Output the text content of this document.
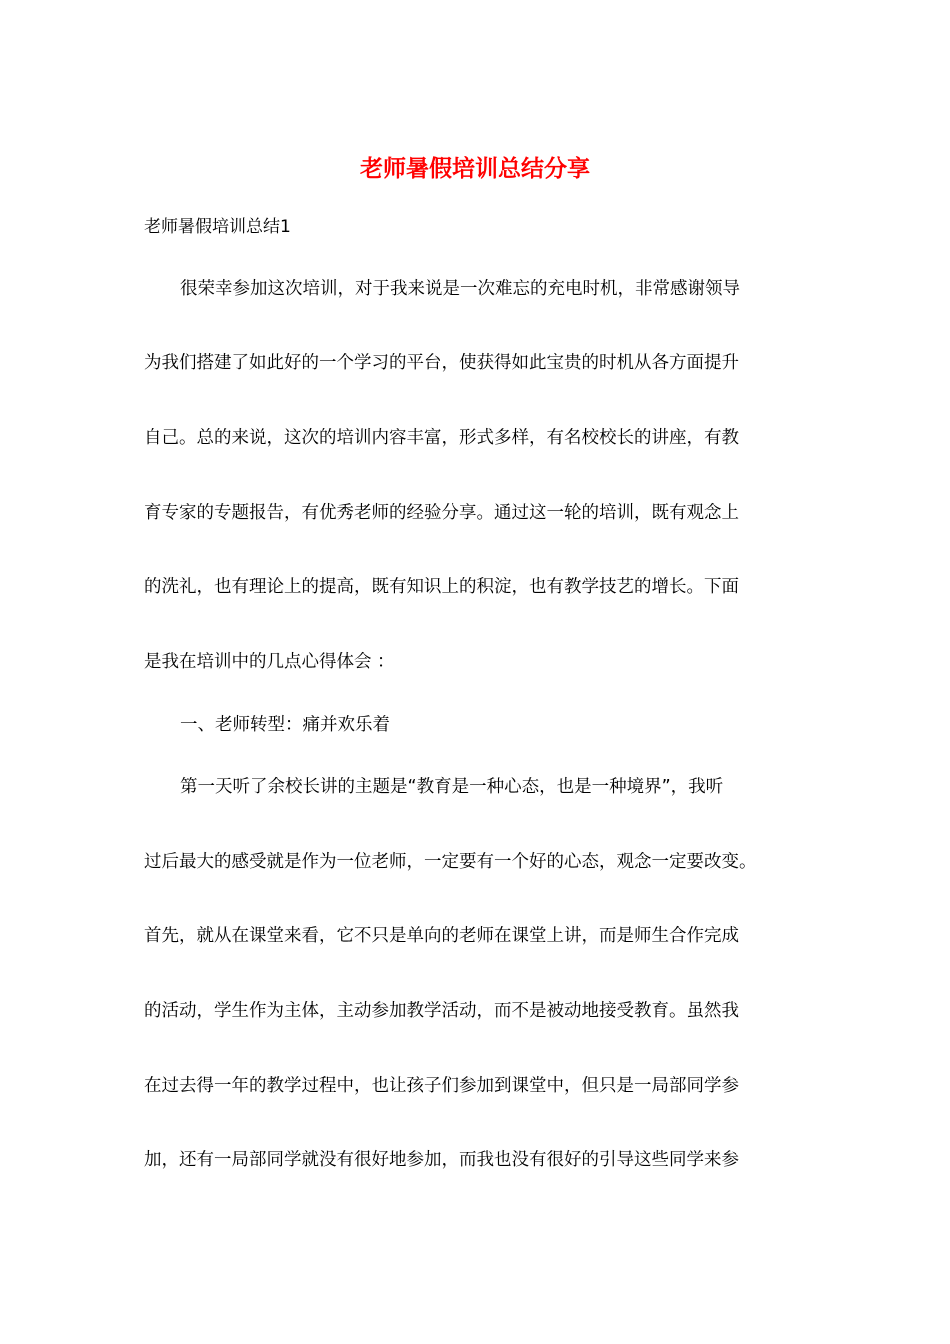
老师暑假培训总结分享

老师暑假培训总结1

很荣幸参加这次培训，对于我来说是一次难忘的充电时机，非常感谢领导

为我们搭建了如此好的一个学习的平台，使获得如此宝贵的时机从各方面提升

自己。总的来说，这次的培训内容丰富，形式多样，有名校校长的讲座，有教

育专家的专题报告，有优秀老师的经验分享。通过这一轮的培训，既有观念上

的洗礼，也有理论上的提高，既有知识上的积淀，也有教学技艺的增长。下面

是我在培训中的几点心得体会 ：

一、老师转型：痛并欢乐着

第一天听了余校长讲的主题是“教育是一种心态，也是一种境界”，我听

过后最大的感受就是作为一位老师，一定要有一个好的心态，观念一定要改变。

首先，就从在课堂来看，它不只是单向的老师在课堂上讲，而是师生合作完成

的活动，学生作为主体，主动参加教学活动，而不是被动地接受教育。虽然我

在过去得一年的教学过程中，也让孩子们参加到课堂中，但只是一局部同学参

加，还有一局部同学就没有很好地参加，而我也没有很好的引导这些同学来参
